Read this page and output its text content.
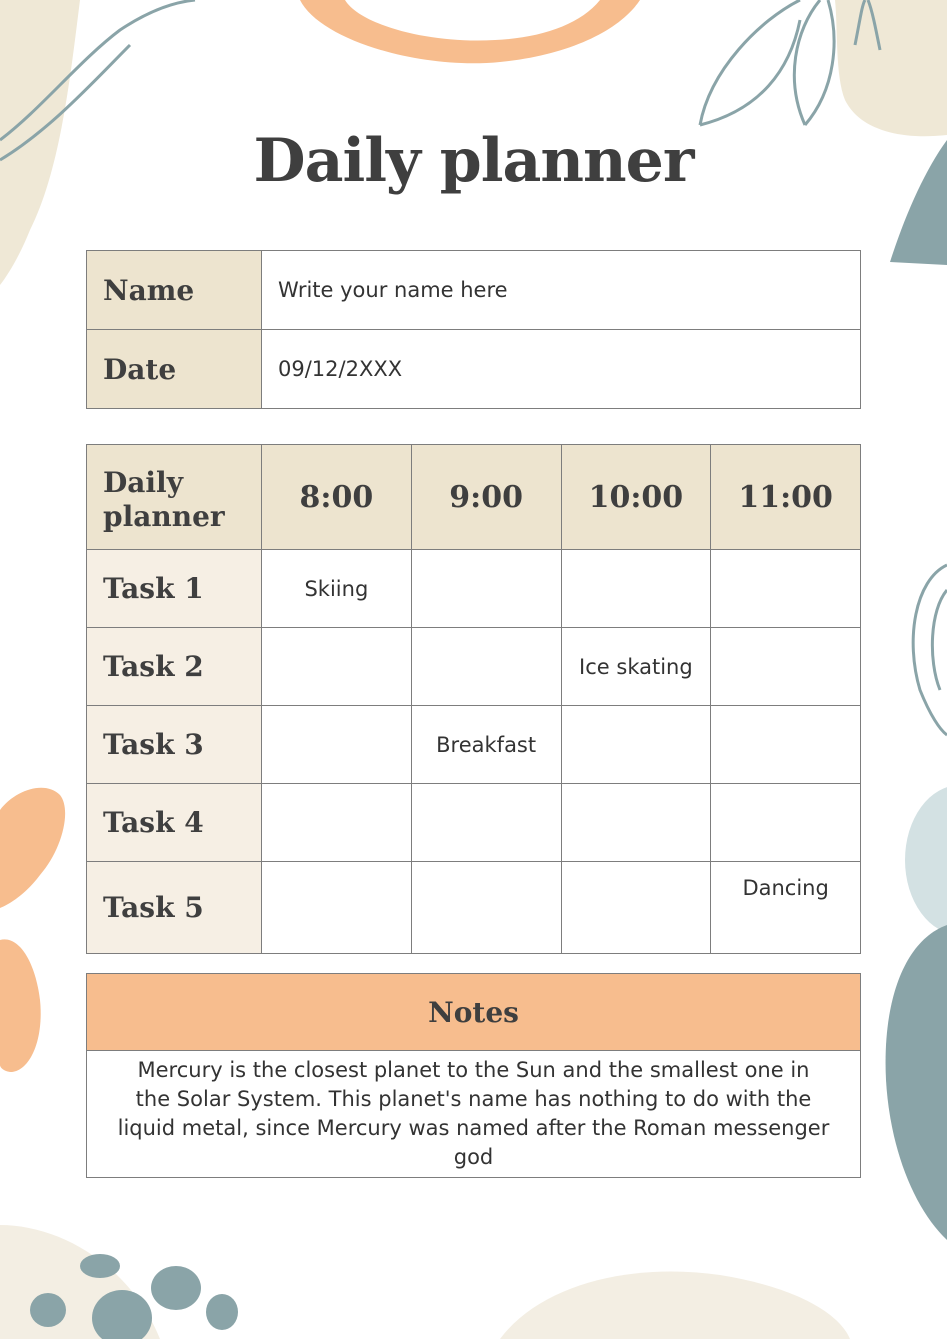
Daily planner
Name	Write your name here
Date	09/12/2XXX
Daily planner	8:00	9:00	10:00	11:00
Task 1	Skiing			
Task 2			Ice skating	
Task 3		Breakfast		
Task 4				
Task 5				Dancing
Notes
Mercury is the closest planet to the Sun and the smallest one in the Solar System. This planet's name has nothing to do with the liquid metal, since Mercury was named after the Roman messenger god
